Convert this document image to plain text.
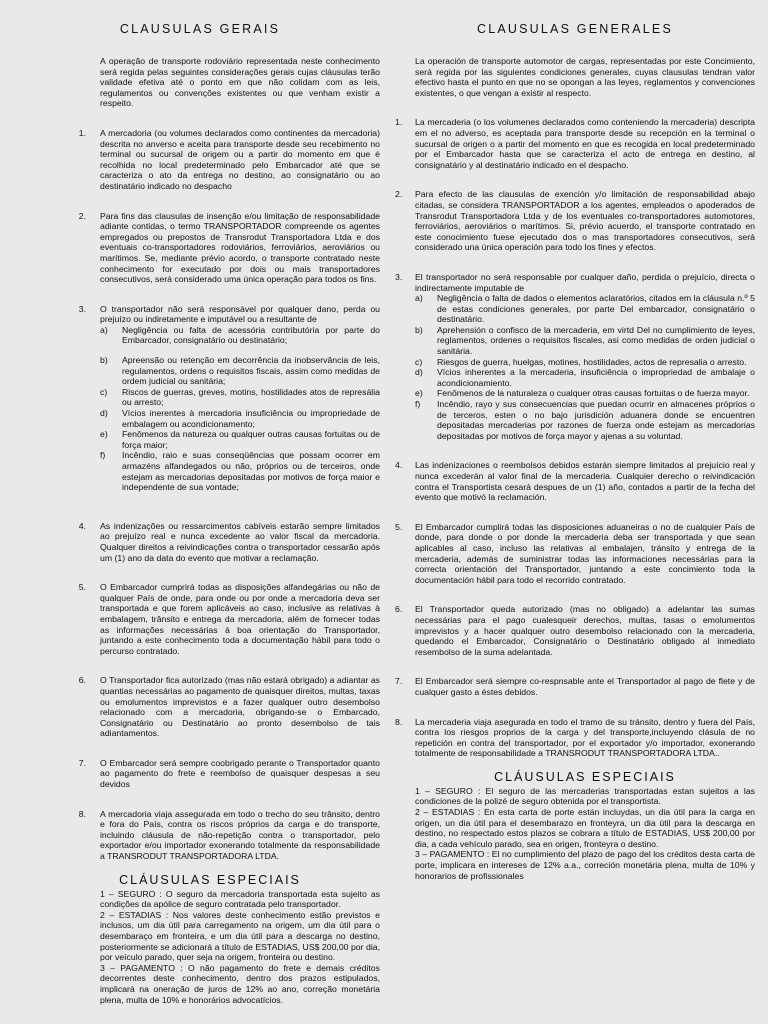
CLAUSULAS GERAIS

A operação de transporte rodoviário representada neste conhecimento será regida pelas seguintes considerações gerais cujas cláusulas terão validade efetiva até o ponto em que não colidam com as leis, regulamentos ou convenções existentes ou que venham existir a respeito.

1.	A mercadoria (ou volumes declarados como continentes da mercadoria) descrita no anverso e aceita para transporte desde seu recebimento no terminal ou sucursal de origem ou a partir do momento em que é recolhida no local predeterminado pelo Embarcador até que se caracteriza o ato da entrega no destino, ao consignatário ou ao destinatário indicado no despacho
2.	Para fins das clausulas de insenção e/ou limitação de responsabilidade adiante contidas, o termo TRANSPORTADOR compreende os agentes empregados ou prepostos de Transrodut Transportadora Ltda e dos eventuais co-transportadores rodoviários, ferroviários, aeroviários ou marítimos. Se, mediante prévio acordo, o transporte contratado neste conhecimento for executado por dois ou mais transportadores consecutivos, será considerado uma única operação para todos os fins.
3.	O transportador não será responsável por qualquer dano, perda ou prejuízo ou indiretamente e imputável ou a resultante de
a)	Negligência ou falta de acessória contributória por parte do Embarcador, consignatário ou destinatário;
b)	Apreensão ou retenção em decorrência da inobservância de leis, regulamentos, ordens o requisitos fiscais, assim como medidas de ordem judicial ou sanitária;
c)	Riscos de guerras, greves, motins, hostilidades atos de represália ou arresto;
d)	Vícios inerentes à mercadoria insuficiência ou impropriedade de embalagem ou acondicionamento;
e)	Fenômenos da natureza ou qualquer outras causas fortuitas ou de força maior;
f)	Incêndio, raio e suas conseqüências que possam ocorrer em armazéns alfandegados ou não, próprios ou de terceiros, onde estejam as mercadorias depositadas por motivos de força maior e independente de sua vontade;
4.	As indenizações ou ressarcimentos cabíveis estarão sempre limitados ao prejuízo real e nunca excedente ao valor fiscal da mercadoria. Qualquer direitos a reivindicações contra o transportador cessarão após um (1) ano da data do evento que motivar a reclamação.
5.	O Embarcador cumprirá todas as disposições alfandegárias ou não de qualquer País de onde, para onde ou por onde a mercadoria deva ser transportada e que forem aplicáveis ao caso, inclusive as relativas à embalagem, trânsito e entrega da mercadoria, além de fornecer todas as informações necessárias à boa orientação do Transportador, juntando a este conhecimento toda a documentação hábil para todo o percurso contratado.
6.	O Transportador fica autorizado (mas não estará obrigado) a adiantar as quantias necessárias ao pagamento de quaisquer direitos, multas, taxas ou emolumentos imprevistos e a fazer qualquer outro desembolso relacionado com a mercadoria, obrigando-se o Embarcado, Consignatário ou Destinatário ao pronto desembolso de tais adiantamentos.
7.	O Embarcador será sempre coobrigado perante o Transportador quanto ao pagamento do frete e reembolso de quaisquer despesas a seu devidos
8.	A mercadoria viaja assegurada em todo o trecho do seu trânsito, dentro e fora do País, contra os riscos próprios da carga e do transporte, incluindo cláusula de não-repetição contra o transportador, pelo exportador e/ou importador exonerando totalmente da responsabilidade a TRANSRODUT TRANSPORTADORA LTDA.
CLÁUSULAS ESPECIAIS
1 – SEGURO : O seguro da mercadoria transportada esta sujeito as condições da apólice de seguro contratada pelo transportador.
2 – ESTADIAS : Nos valores deste conhecimento estão previstos e inclusos, um dia útil para carregamento na origem, um dia útil para o desembaraço em fronteira, e um dia útil para a descarga no destino, posteriormente se adicionará a título de ESTADIAS, US$ 200,00 por dia, por veículo parado, quer seja na origem, fronteira ou destino.
3 – PAGAMENTO : O não pagamento do frete e demais créditos decorrentes deste conhecimento, dentro dos prazos estipulados, implicará na oneração de juros de 12% ao ano, correção monetária plena, multa de 10% e honorários advocatícios.
CLAUSULAS GENERALES

La operación de transporte automotor de cargas, representadas por este Concimiento, será regida por las siguientes condiciones generales, cuyas clausulas tendran valor efectivo hasta el punto en que no se opongan a las leyes, reglamentos y convenciones existentes, o que vengan a existir al respecto.

1.	La mercaderia (o los volumenes declarados como conteniendo la mercaderia) descripta em el no adverso, es aceptada para transporte desde su recepción en la terminal o sucursal de origen o a partir del momento en que es recogida en local predeterminado por el Embarcador hasta que se caracteriza el acto de entrega en destino, al consignatário y al destinatário indicado en el despacho.
2.	Para efecto de las clausulas de exención y/o limitación de responsabilidad abajo citadas, se considera TRANSPORTADOR a los agentes, empleados o apoderados de Transrodut Transportadora Ltda y de los eventuales co-transportadores automotores, ferroviários, aeroviários o marítimos. Si, prévio acuerdo, el transporte contratado en este conocimiento fuese ejecutado dos o mas transportadores consecutivos, será considerado una única operación para todo los fines y efectos.
3.	El transportador no será responsable por cualquer daño, perdida o prejuício, directa o indirectamente imputable de
a)	Negligência o falta de dados o elementos aclaratórios, citados em la cláusula n.º 5 de estas condiciones generales, por parte Del embarcador, consignatário o destinatário.
b)	Aprehensión o confisco de la mercaderia, em virtd Del no cumplimiento de leyes, reglamentos, ordenes o requisitos fiscales, asi como medidas de orden judicial o sanitária.
c)	Riesgos de guerra, huelgas, motines, hostilidades, actos de represalia o arresto.
d)	Vícios inherentes a la mercaderia, insuficiência o impropriedad de ambalaje o acondicionamiento.
e)	Fenômenos de la naturaleza o cualquer otras causas fortuitas o de fuerza mayor.
f)	Incêndio, rayo y sus consecuencias que puedan ocurrir en almacenes próprios o de terceros, esten o no bajo jurisdición aduanera donde se encuentren depositadas mercaderias por razones de fuerza onde estejam as mercadorias depositadas por motivos de força mayor y ajenas a su voluntad.
4.	Las indenizaciones o reembolsos debidos estarán siempre limitados al prejuício real y nunca excederán al valor final de la mercaderia. Cualquier derecho o reivindicación contra el Transportista cesará despues de un (1) año, contados a partir de la fecha del evento que motivó la reclamación.
5.	El Embarcador cumplirá todas las disposiciones aduaneiras o no de cualquier País de donde, para donde o por donde la mercaderia deba ser transportada y que sean aplicables al caso, incluso las relativas al embalajen, tránsito y entrega de la mercaderia, además de suministrar todas las informaciones necessárias para la correcta orientación del Transportador, juntando a este concimiento toda la documentación hábil para todo el recorrido contratado.
6.	El Transportador queda autorizado (mas no obligado) a adelantar las sumas necessárias para el pago cualesqueir derechos, multas, tasas o emolumentos imprevistos y a hacer qualquer outro desembolso relacionado con la mercaderia, quedando el Embarcador, Consignatário o Destinatário obligado al inmediato resembolso de la suma adelantada.
7.	El Embarcador será siempre co-respnsable ante el Transportador al pago de flete y de cualquer gasto a éstes debidos.
8.	La mercaderia viaja asegurada en todo el tramo de su tránsito, dentro y fuera del País, contra los riesgos proprios de la carga y del transporte,incluyendo clásula de no repetición en contra del transportador, por el exportador y/o importador, exonerando totalmente de responsabilidade a TRANSRODUT TRANSPORTADORA LTDA..
CLÁUSULAS ESPECIAIS
1 – SEGURO : El seguro de las mercaderias transportadas estan sujeitos a las condiciones de la polizé de seguro obtenida por el transportista.
2 – ESTADIAS : En esta carta de porte están incluydas, un dia útil para la carga en origen, un dia útil para el desembarazo en fronteyra, un dia útil para la descarga en destino, no respectado estos plazos se cobrara a título de ESTADIAS, US$ 200,00 por dia, a cada vehículo parado, sea en origen, fronteyra o destino.
3 – PAGAMENTO : El no cumplimiento del plazo de pago del los créditos desta carta de porte, implicara en intereses de 12% a.a., correción monetária plena, multa de 10% y honorarios de profissionales
